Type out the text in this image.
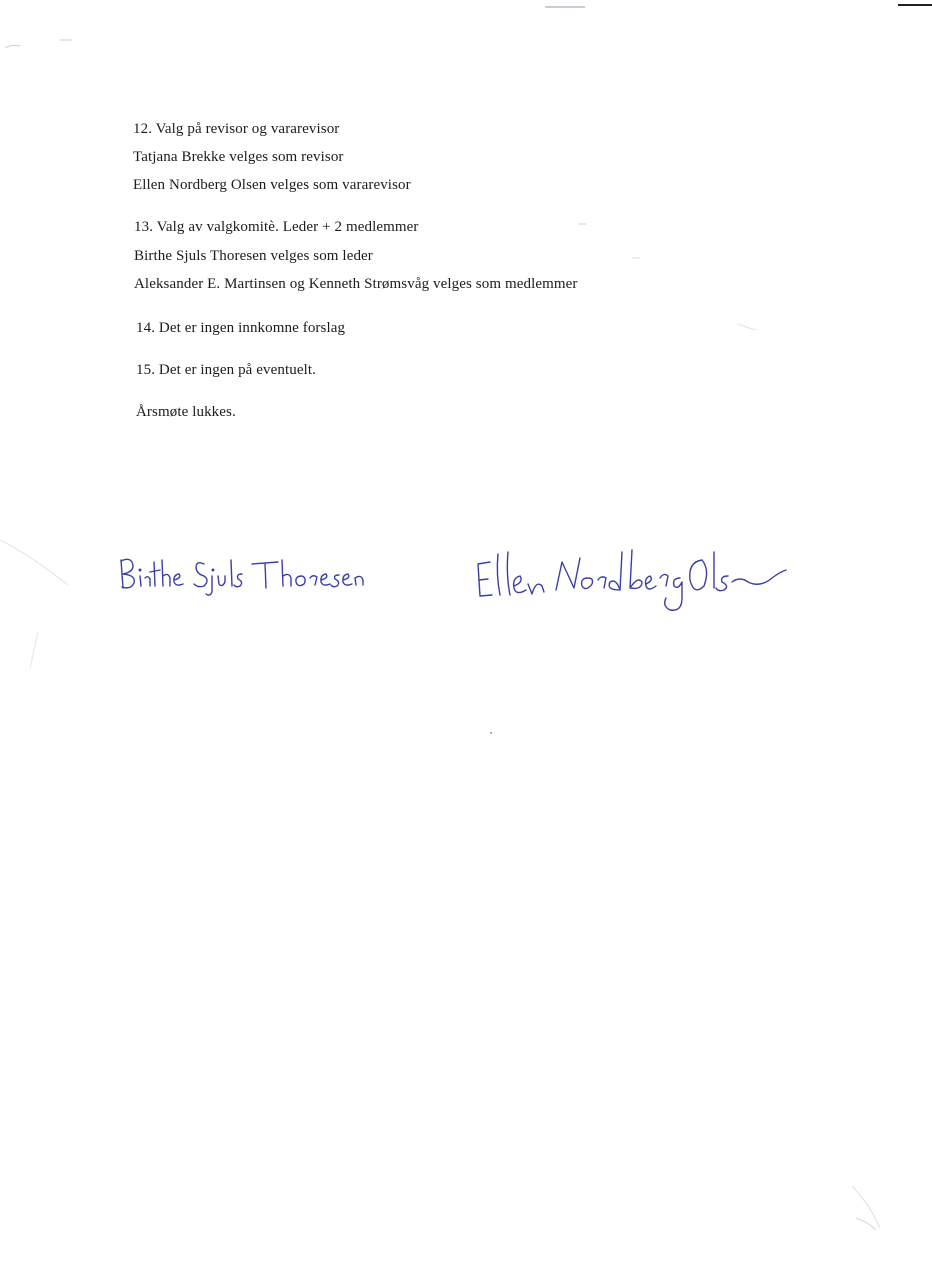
12. Valg på revisor og vararevisor

Tatjana Brekke velges som revisor

Ellen Nordberg Olsen velges som vararevisor

13. Valg av valgkomitè. Leder + 2 medlemmer

Birthe Sjuls Thoresen velges som leder

Aleksander E. Martinsen og Kenneth Strømsvåg velges som medlemmer

14. Det er ingen innkomne forslag

15. Det er ingen på eventuelt.

Årsmøte lukkes.
